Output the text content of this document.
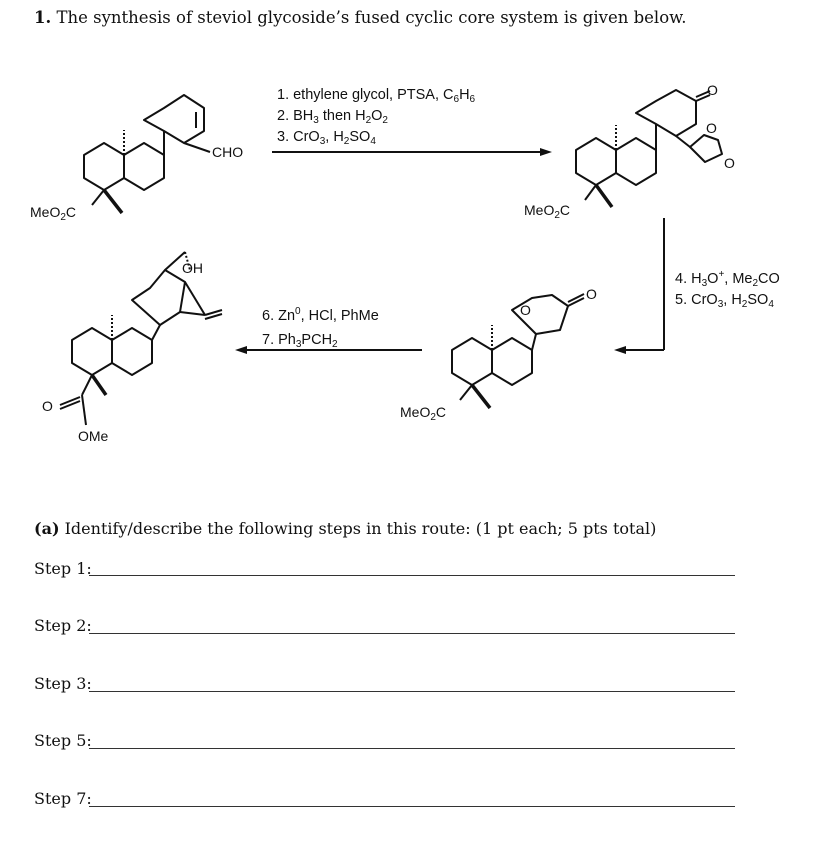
1. The synthesis of steviol glycoside’s fused cyclic core system is given below.
CHO
MeO$_2$C	MeO$_2$C
MeO$_2$C
OH
OMe
O
O
O
O
O
O
1. ethylene glycol, PTSA, $C_6H_6$
2. $BH_3$ then $H_2O_2$
3. CrO$_3$, $H_2SO_4$
4. $H_3O^+$, $Me_2CO$
5. CrO$_3$, $H_2SO_4$
6. Zn$^0$, HCl, PhMe
7. $Ph_3PCH_2$
(a) Identify/describe the following steps in this route: (1 pt each; 5 pts total)
Step 1:
Step 2:
Step 3:
Step 5:
Step 7:
